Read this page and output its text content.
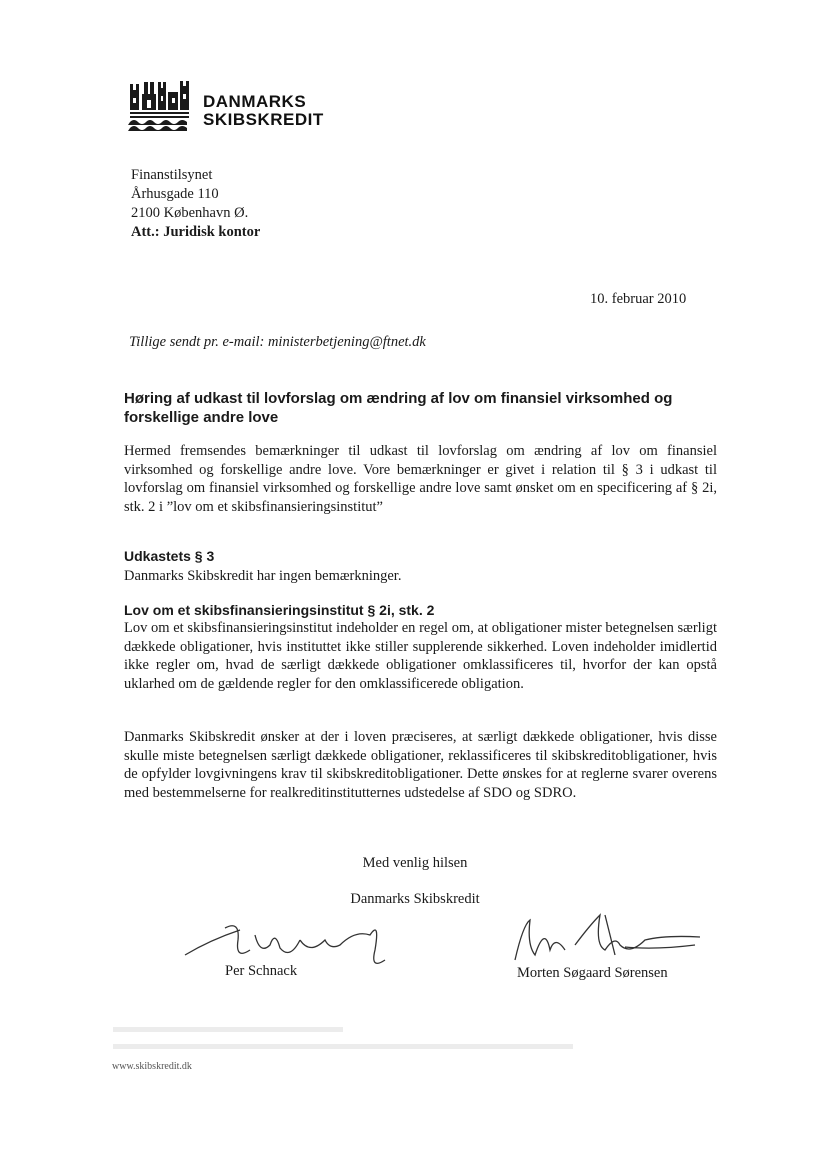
DANMARKS
SKIBSKREDIT
Finanstilsynet
Århusgade 110
2100 København Ø.
Att.: Juridisk kontor
10. februar 2010
Tillige sendt pr. e-mail: ministerbetjening@ftnet.dk
Høring af udkast til lovforslag om ændring af lov om finansiel virksomhed og forskellige andre love
Hermed fremsendes bemærkninger til udkast til lovforslag om ændring af lov om finansiel virksomhed og forskellige andre love. Vore bemærkninger er givet i relation til § 3 i udkast til lovforslag om finansiel virksomhed og forskellige andre love samt ønsket om en specificering af § 2i, stk. 2 i ”lov om et skibsfinansieringsinstitut”
Udkastets § 3
Danmarks Skibskredit har ingen bemærkninger.
Lov om et skibsfinansieringsinstitut § 2i, stk. 2
Lov om et skibsfinansieringsinstitut indeholder en regel om, at obligationer mister betegnelsen særligt dækkede obligationer, hvis instituttet ikke stiller supplerende sikkerhed. Loven indeholder imidlertid ikke regler om, hvad de særligt dækkede obligationer omklassificeres til, hvorfor der kan opstå uklarhed om de gældende regler for den omklassificerede obligation.
Danmarks Skibskredit ønsker at der i loven præciseres, at særligt dækkede obligationer, hvis disse skulle miste betegnelsen særligt dækkede obligationer, reklassificeres til skibskreditobligationer, hvis de opfylder lovgivningens krav til skibskreditobligationer. Dette ønskes for at reglerne svarer overens med bestemmelserne for realkreditinstitutternes udstedelse af SDO og SDRO.
Med venlig hilsen
Danmarks Skibskredit
Per Schnack	Morten Søgaard Sørensen
www.skibskredit.dk
